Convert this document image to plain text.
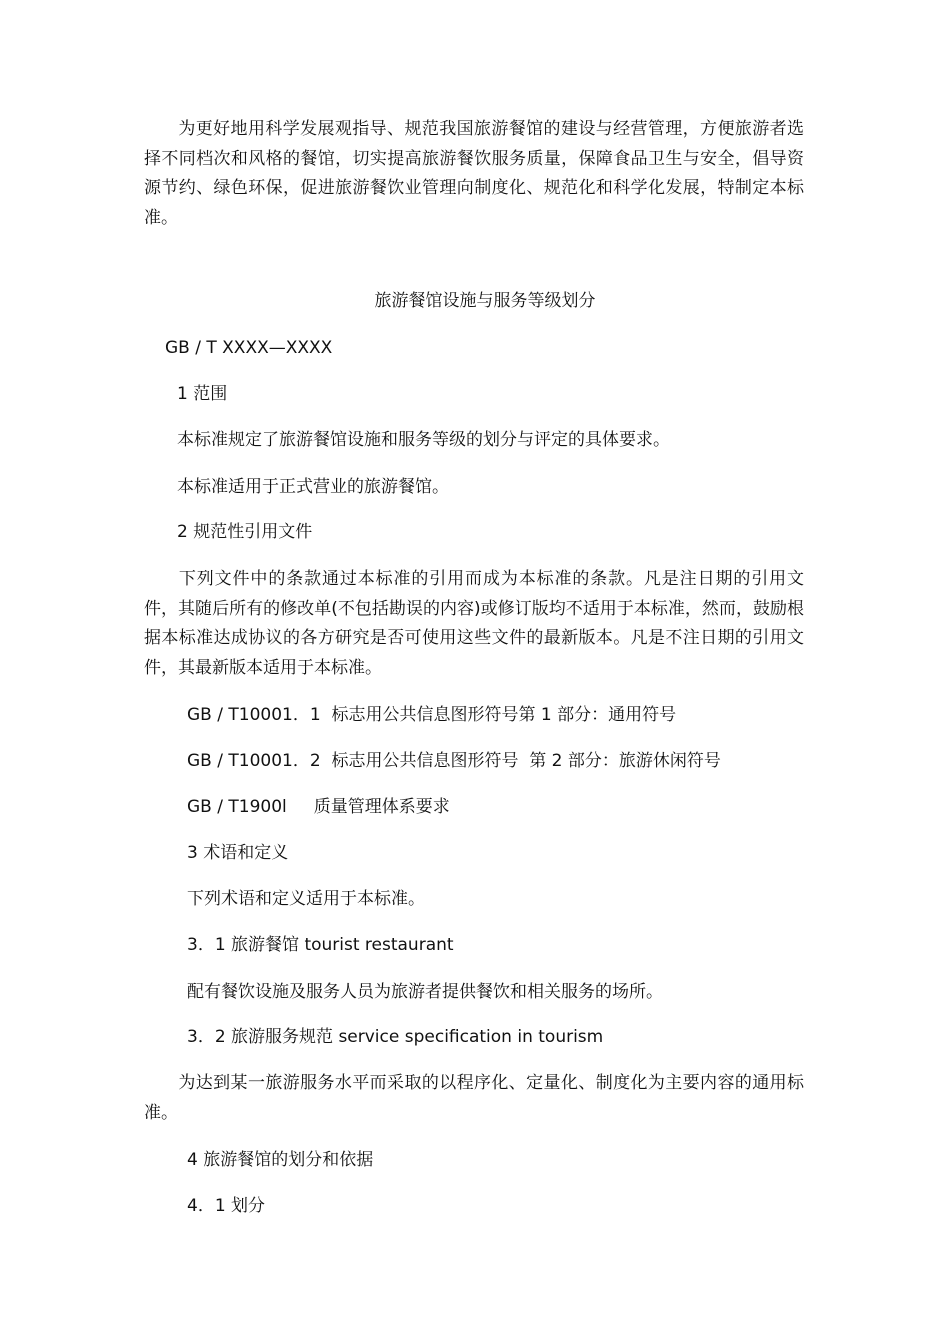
为更好地用科学发展观指导、规范我国旅游餐馆的建设与经营管理，方便旅游者选择不同档次和风格的餐馆，切实提高旅游餐饮服务质量，保障食品卫生与安全，倡导资源节约、绿色环保，促进旅游餐饮业管理向制度化、规范化和科学化发展，特制定本标准。

旅游餐馆设施与服务等级划分
GB / T XXXX—XXXX
1 范围
本标准规定了旅游餐馆设施和服务等级的划分与评定的具体要求。
本标准适用于正式营业的旅游餐馆。
2 规范性引用文件

下列文件中的条款通过本标准的引用而成为本标准的条款。凡是注日期的引用文件，其随后所有的修改单(不包括勘误的内容)或修订版均不适用于本标准，然而，鼓励根据本标准达成协议的各方研究是否可使用这些文件的最新版本。凡是不注日期的引用文件，其最新版本适用于本标准。

GB / T10001．1  标志用公共信息图形符号第 1 部分：通用符号
GB / T10001．2  标志用公共信息图形符号  第 2 部分：旅游休闲符号
GB / T1900l     质量管理体系要求
3 术语和定义
下列术语和定义适用于本标准。
3．1 旅游餐馆 tourist restaurant
配有餐饮设施及服务人员为旅游者提供餐饮和相关服务的场所。
3．2 旅游服务规范 service specification in tourism

为达到某一旅游服务水平而采取的以程序化、定量化、制度化为主要内容的通用标准。

4 旅游餐馆的划分和依据
4．1 划分
